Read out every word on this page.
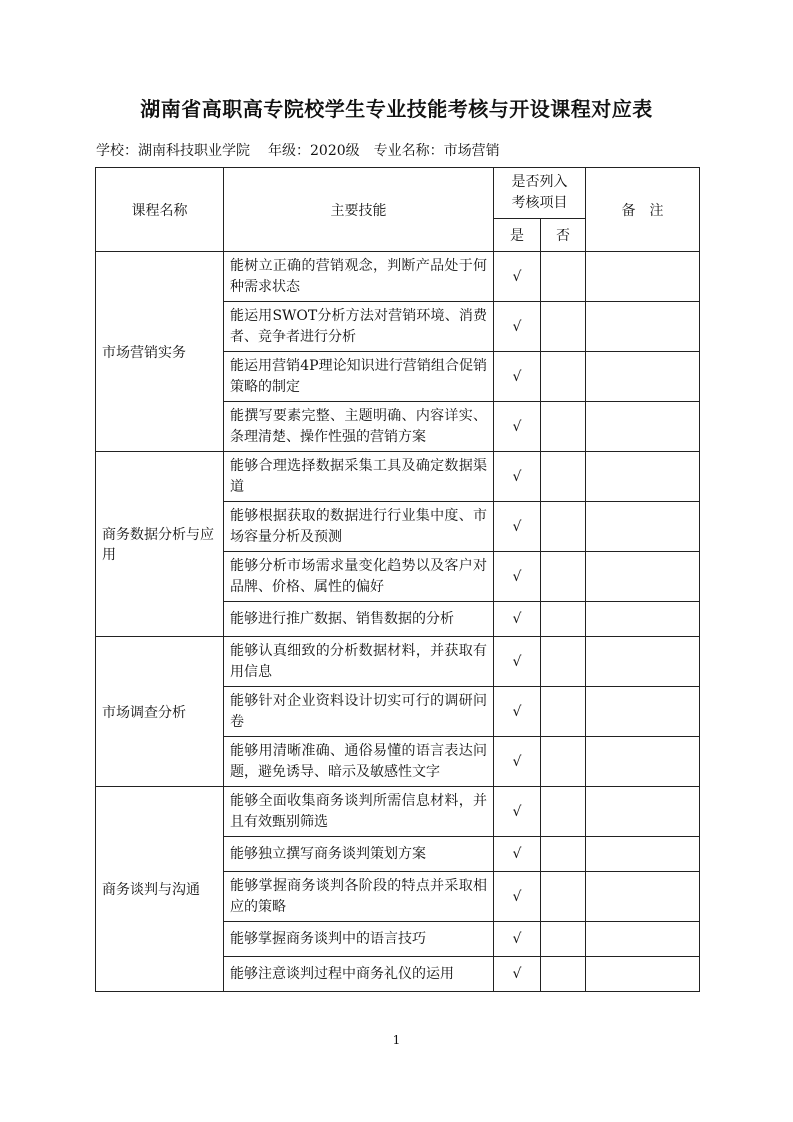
湖南省高职高专院校学生专业技能考核与开设课程对应表
学校：湖南科技职业学院 年级：2020级 专业名称：市场营销
课程名称	主要技能	是否列入考核项目		备　注
		是	否	
市场营销实务	能树立正确的营销观念，判断产品处于何种需求状态	√		
	能运用SWOT分析方法对营销环境、消费者、竞争者进行分析	√		
	能运用营销4P理论知识进行营销组合促销策略的制定	√		
	能撰写要素完整、主题明确、内容详实、条理清楚、操作性强的营销方案	√		
商务数据分析与应用	能够合理选择数据采集工具及确定数据渠道	√		
	能够根据获取的数据进行行业集中度、市场容量分析及预测	√		
	能够分析市场需求量变化趋势以及客户对品牌、价格、属性的偏好	√		
	能够进行推广数据、销售数据的分析	√		
市场调查分析	能够认真细致的分析数据材料，并获取有用信息	√		
	能够针对企业资料设计切实可行的调研问卷	√		
	能够用清晰准确、通俗易懂的语言表达问题，避免诱导、暗示及敏感性文字	√		
商务谈判与沟通	能够全面收集商务谈判所需信息材料，并且有效甄别筛选	√		
	能够独立撰写商务谈判策划方案	√		
	能够掌握商务谈判各阶段的特点并采取相应的策略	√		
	能够掌握商务谈判中的语言技巧	√		
	能够注意谈判过程中商务礼仪的运用	√		
1
